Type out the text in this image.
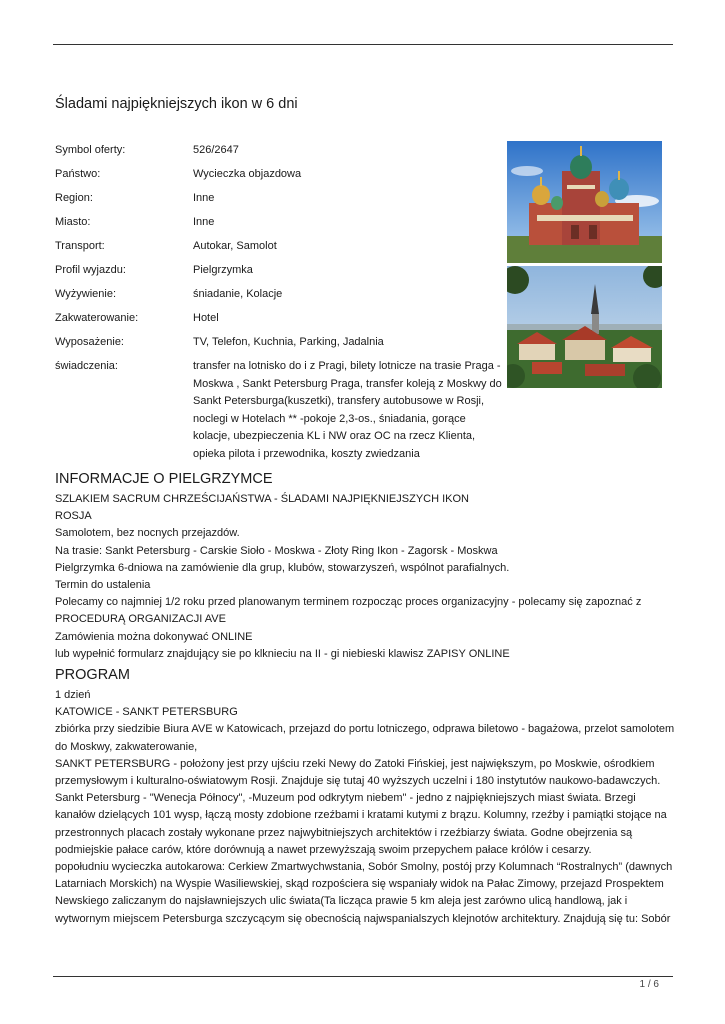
Śladami najpiękniejszych ikon w 6 dni
Symbol oferty:	526/2647
Państwo:	Wycieczka objazdowa
Region:	Inne
Miasto:	Inne
Transport:	Autokar, Samolot
Profil wyjazdu:	Pielgrzymka
Wyżywienie:	śniadanie, Kolacje
Zakwaterowanie:	Hotel
Wyposażenie:	TV, Telefon, Kuchnia, Parking, Jadalnia
świadczenia:	transfer na lotnisko do i z Pragi, bilety lotnicze na trasie Praga - Moskwa , Sankt Petersburg Praga, transfer koleją z Moskwy do Sankt Petersburga(kuszetki), transfery autobusowe w Rosji, noclegi w Hotelach ** -pokoje 2,3-os., śniadania, gorące kolacje, ubezpieczenia KL i NW oraz OC na rzecz Klienta, opieka pilota i przewodnika, koszty zwiedzania
INFORMACJE O PIELGRZYMCE

SZLAKIEM SACRUM CHRZEŚCIJAŃSTWA - ŚLADAMI NAJPIĘKNIEJSZYCH IKON

ROSJA

Samolotem, bez nocnych przejazdów.

Na trasie: Sankt Petersburg - Carskie Sioło - Moskwa - Złoty Ring Ikon - Zagorsk - Moskwa

Pielgrzymka 6-dniowa na zamówienie dla grup, klubów, stowarzyszeń, wspólnot parafialnych.

Termin do ustalenia

Polecamy co najmniej 1/2 roku przed planowanym terminem rozpocząc proces organizacyjny - polecamy się zapoznać z

PROCEDURĄ ORGANIZACJI AVE

Zamówienia można dokonywać ONLINE

lub wypełnić formularz znajdujący sie po klknieciu na II - gi niebieski klawisz ZAPISY ONLINE

PROGRAM

1 dzień

KATOWICE - SANKT PETERSBURG

zbiórka przy siedzibie Biura AVE w Katowicach, przejazd do portu lotniczego, odprawa biletowo - bagażowa, przelot samolotem do Moskwy, zakwaterowanie,

SANKT PETERSBURG - położony jest przy ujściu rzeki Newy do Zatoki Fińskiej, jest największym, po Moskwie, ośrodkiem przemysłowym i kulturalno-oświatowym Rosji. Znajduje się tutaj 40 wyższych uczelni i 180 instytutów naukowo-badawczych.

Sankt Petersburg - "Wenecja Północy", -Muzeum pod odkrytym niebem" - jedno z najpiękniejszych miast świata. Brzegi kanałów dzielących 101 wysp, łączą mosty zdobione rzeźbami i kratami kutymi z brązu. Kolumny, rzeźby i pamiątki stojące na przestronnych placach zostały wykonane przez najwybitniejszych architektów i rzeźbiarzy świata. Godne obejrzenia są podmiejskie pałace carów, które dorównują a nawet przewyższają swoim przepychem pałace królów i cesarzy.

popołudniu wycieczka autokarowa: Cerkiew Zmartwychwstania, Sobór Smolny, postój przy Kolumnach “Rostralnych” (dawnych Latarniach Morskich) na Wyspie Wasiliewskiej, skąd rozpościera się wspaniały widok na Pałac Zimowy, przejazd Prospektem Newskiego zaliczanym do najsławniejszych ulic świata(Ta licząca prawie 5 km aleja jest zarówno ulicą handlową, jak i wytwornym miejscem Petersburga szczycącym się obecnością najwspanialszych klejnotów architektury. Znajdują się tu: Sobór

1 / 6
